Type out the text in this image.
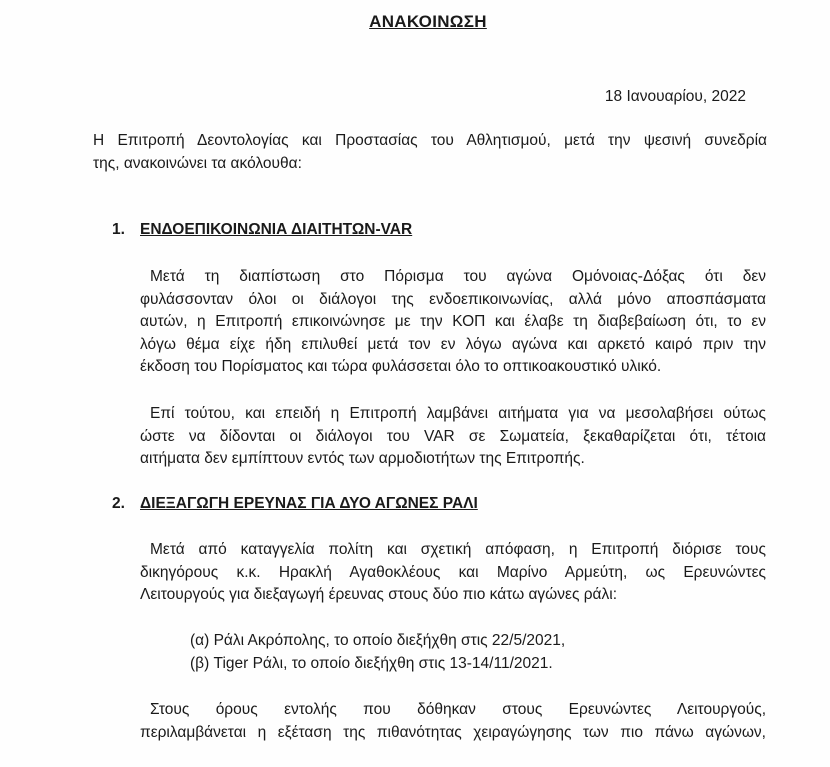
ΑΝΑΚΟΙΝΩΣΗ
18 Ιανουαρίου, 2022
Η Επιτροπή Δεοντολογίας και Προστασίας του Αθλητισμού, μετά την ψεσινή συνεδρία
της, ανακοινώνει τα ακόλουθα:
1. ΕΝΔΟΕΠΙΚΟΙΝΩΝΙΑ ΔΙΑΙΤΗΤΩΝ-VAR
Μετά τη διαπίστωση στο Πόρισμα του αγώνα Ομόνοιας-Δόξας ότι δεν
φυλάσσονταν όλοι οι διάλογοι της ενδοεπικοινωνίας, αλλά μόνο αποσπάσματα
αυτών, η Επιτροπή επικοινώνησε με την ΚΟΠ και έλαβε τη διαβεβαίωση ότι, το εν
λόγω θέμα είχε ήδη επιλυθεί μετά τον εν λόγω αγώνα και αρκετό καιρό πριν την
έκδοση του Πορίσματος και τώρα φυλάσσεται όλο το οπτικοακουστικό υλικό.
Επί τούτου, και επειδή η Επιτροπή λαμβάνει αιτήματα για να μεσολαβήσει ούτως
ώστε να δίδονται οι διάλογοι του VAR σε Σωματεία, ξεκαθαρίζεται ότι, τέτοια
αιτήματα δεν εμπίπτουν εντός των αρμοδιοτήτων της Επιτροπής.
2. ΔΙΕΞΑΓΩΓΗ ΕΡΕΥΝΑΣ ΓΙΑ ΔΥΟ ΑΓΩΝΕΣ ΡΑΛΙ
Μετά από καταγγελία πολίτη και σχετική απόφαση, η Επιτροπή διόρισε τους
δικηγόρους κ.κ. Ηρακλή Αγαθοκλέους και Μαρίνο Αρμεύτη, ως Ερευνώντες
Λειτουργούς για διεξαγωγή έρευνας στους δύο πιο κάτω αγώνες ράλι:
(α) Ράλι Ακρόπολης, το οποίο διεξήχθη στις 22/5/2021,
(β) Tiger Ράλι, το οποίο διεξήχθη στις 13-14/11/2021.
Στους όρους εντολής που δόθηκαν στους Ερευνώντες Λειτουργούς,
περιλαμβάνεται η εξέταση της πιθανότητας χειραγώγησης των πιο πάνω αγώνων,
